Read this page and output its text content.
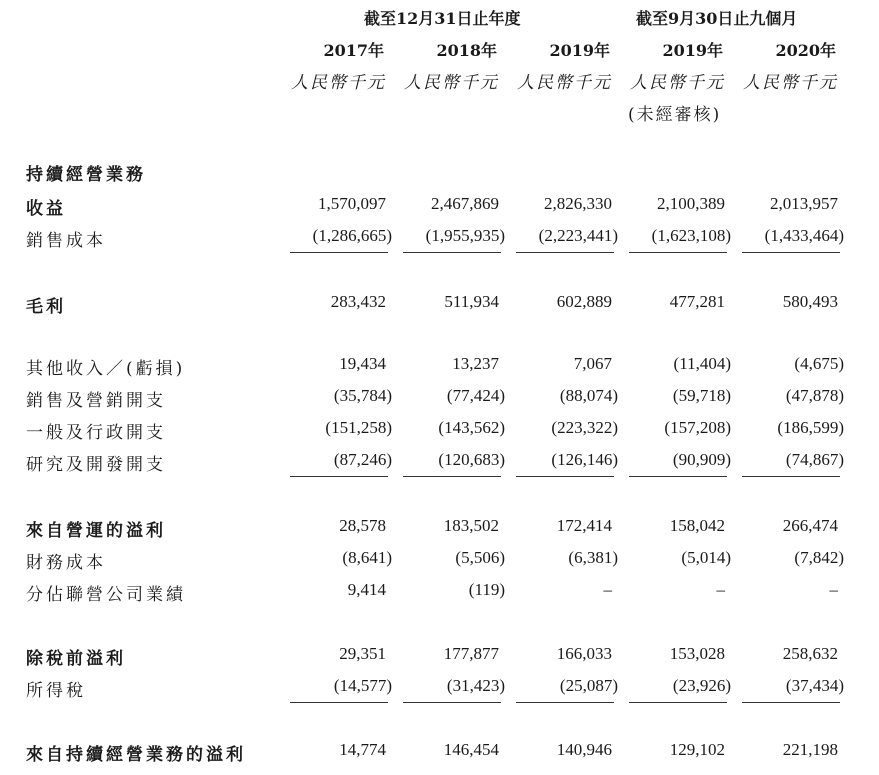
截至12月31日止年度	截至9月30日止九個月
2017年	2018年	2019年	2019年	2020年
人民幣千元	人民幣千元	人民幣千元	人民幣千元	人民幣千元
(未經審核)
持續經營業務
收益	1,570,097	2,467,869	2,826,330	2,100,389	2,013,957
銷售成本	(1,286,665)	(1,955,935)	(2,223,441)	(1,623,108)	(1,433,464)
毛利	283,432	511,934	602,889	477,281	580,493
其他收入／(虧損)	19,434	13,237	7,067	(11,404)	(4,675)
銷售及營銷開支	(35,784)	(77,424)	(88,074)	(59,718)	(47,878)
一般及行政開支	(151,258)	(143,562)	(223,322)	(157,208)	(186,599)
研究及開發開支	(87,246)	(120,683)	(126,146)	(90,909)	(74,867)
來自營運的溢利	28,578	183,502	172,414	158,042	266,474
財務成本	(8,641)	(5,506)	(6,381)	(5,014)	(7,842)
分佔聯營公司業績	9,414	(119)	–	–	–
除稅前溢利	29,351	177,877	166,033	153,028	258,632
所得稅	(14,577)	(31,423)	(25,087)	(23,926)	(37,434)
來自持續經營業務的溢利	14,774	146,454	140,946	129,102	221,198
